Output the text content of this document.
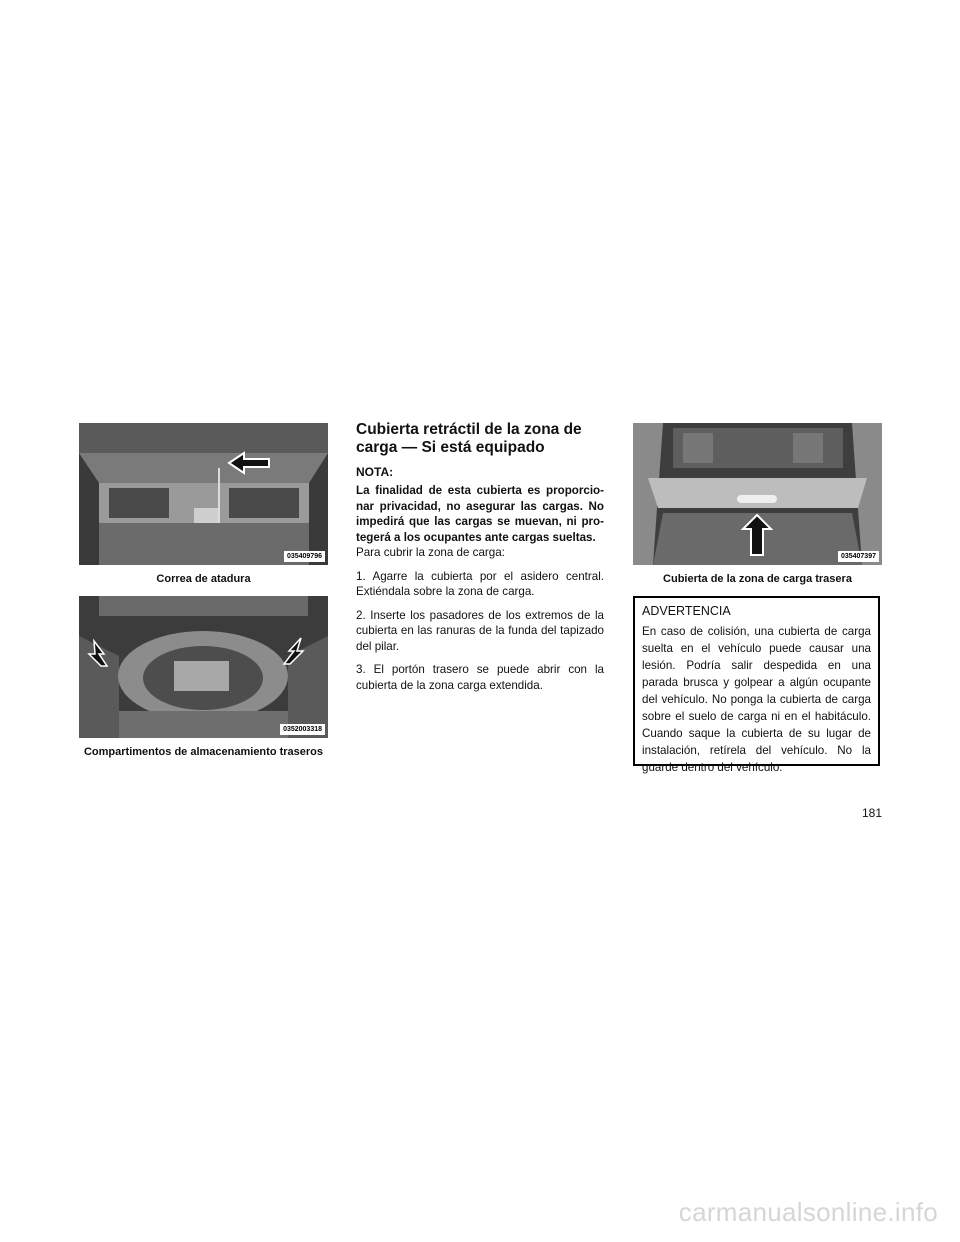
035409796
Correa de atadura
0352003318
Compartimentos de almacenamiento traseros
Cubierta retráctil de la zona de
carga — Si está equipado

NOTA:

La finalidad de esta cubierta es proporcio-nar privacidad, no asegurar las cargas. No impedirá que las cargas se muevan, ni pro-tegerá a los ocupantes ante cargas sueltas.

Para cubrir la zona de carga:

1. Agarre la cubierta por el asidero central. Extiéndala sobre la zona de carga.

2. Inserte los pasadores de los extremos de la cubierta en las ranuras de la funda del tapizado del pilar.

3. El portón trasero se puede abrir con la cubierta de la zona carga extendida.

035407397
Cubierta de la zona de carga trasera

ADVERTENCIA

En caso de colisión, una cubierta de carga suelta en el vehículo puede causar una lesión. Podría salir despedida en una parada brusca y golpear a algún ocupante del vehículo. No ponga la cubierta de carga sobre el suelo de carga ni en el habitáculo. Cuando saque la cubierta de su lugar de instalación, retírela del vehículo. No la guarde dentro del vehículo.

181
carmanualsonline.info
